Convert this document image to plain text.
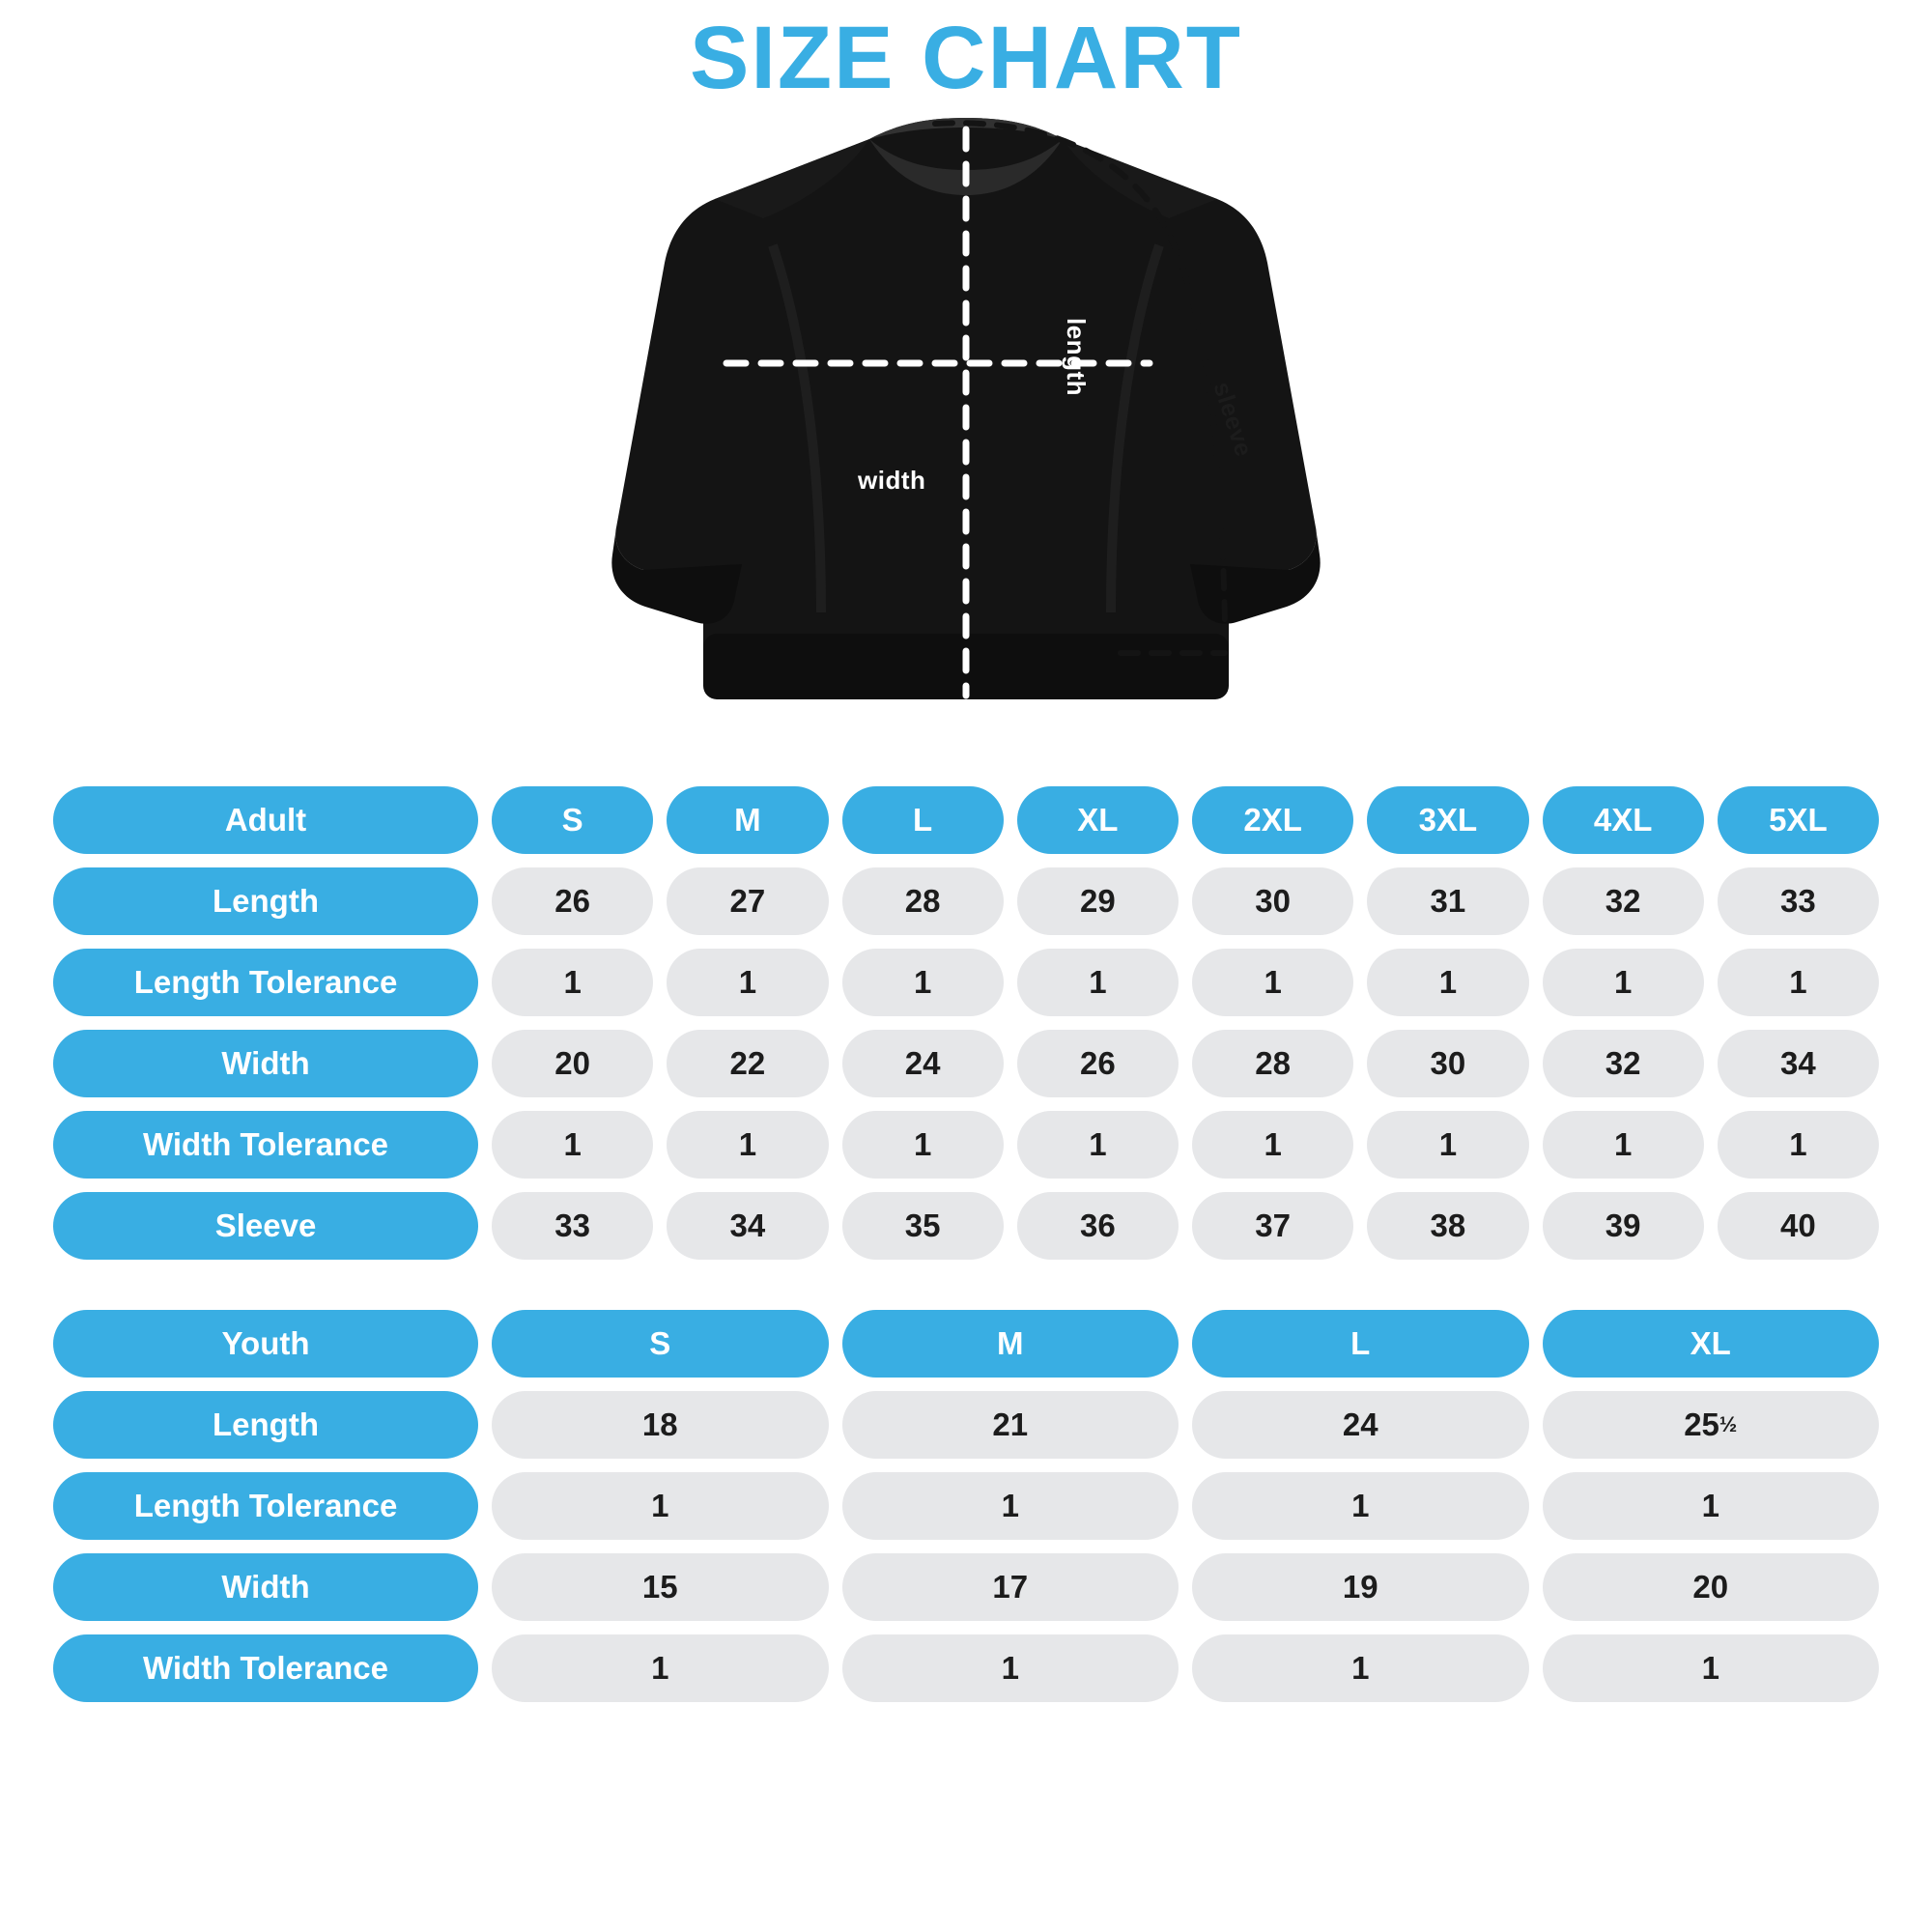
SIZE CHART
width
length
sleeve
Adult	S	M	L	XL	2XL	3XL	4XL	5XL
Length	26	27	28	29	30	31	32	33
Length Tolerance	1	1	1	1	1	1	1	1
Width	20	22	24	26	28	30	32	34
Width Tolerance	1	1	1	1	1	1	1	1
Sleeve	33	34	35	36	37	38	39	40
Youth	S	M	L	XL
Length	18	21	24	25 ½
Length Tolerance	1	1	1	1
Width	15	17	19	20
Width Tolerance	1	1	1	1
